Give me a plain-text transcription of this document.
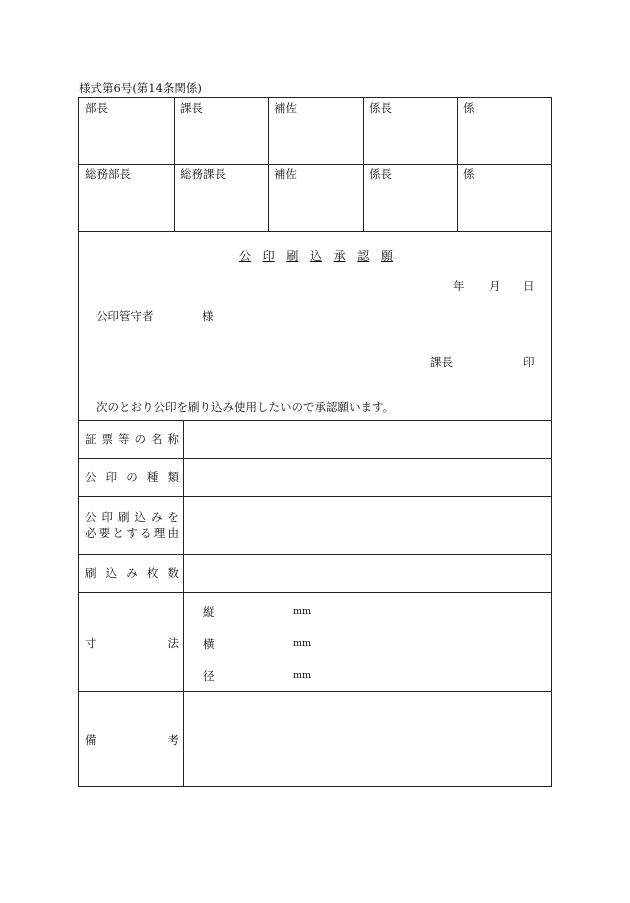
様式第6号(第14条関係)
部長	課長	補佐	係長	係
総務部長	総務課長	補佐	係長	係
公 印 刷 込 承 認 願
年 月 日
公印管守者	様
課長	印
次のとおり公印を刷り込み使用したいので承認願います。
証 票 等 の 名 称
公 印 の 種 類
公 印 刷 込 み を
必 要 と す る 理 由
刷 込 み 枚 数
寸	法
縦	mm
横	mm
径	mm
備	考
